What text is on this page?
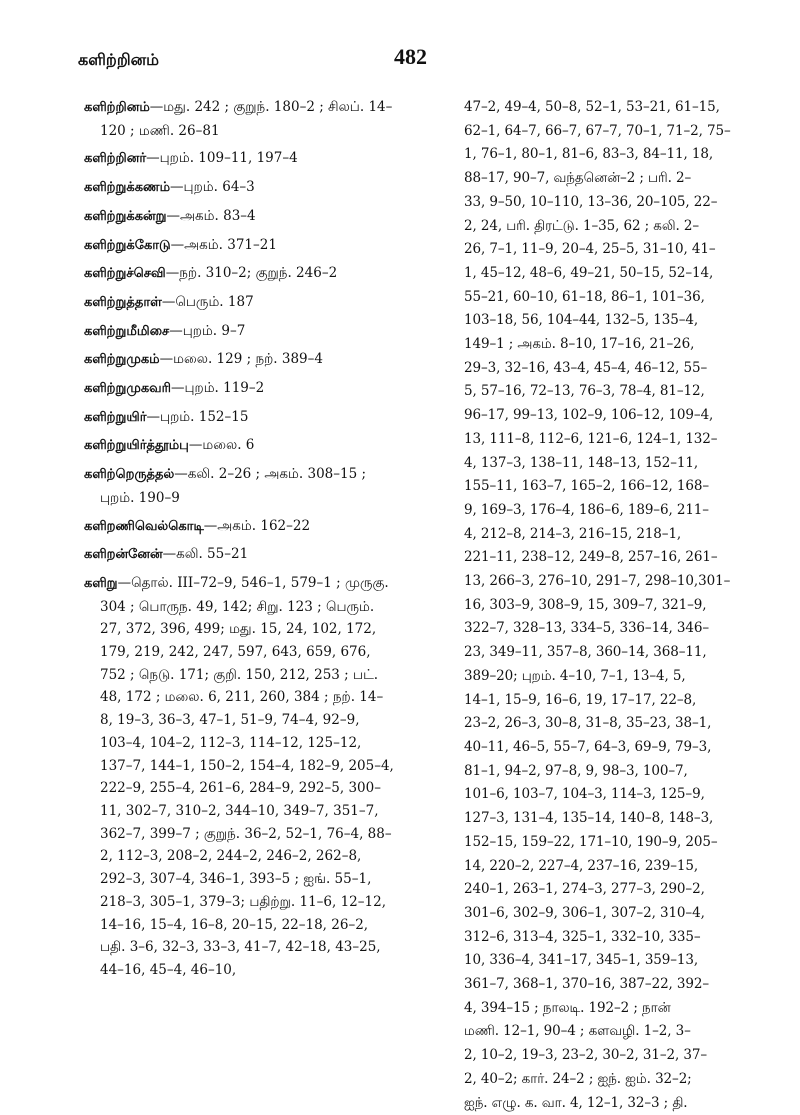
களிற்றினம்	482

களிற்றினம்—மது. 242 ; குறுந். 180–2 ; சிலப். 14–120 ; மணி. 26–81

களிற்றினர்—புறம். 109–11, 197–4

களிற்றுக்கணம்—புறம். 64–3

களிற்றுக்கன்று—அகம். 83–4

களிற்றுக்கோடு—அகம். 371–21

களிற்றுச்செவி—நற். 310–2; குறுந். 246–2

களிற்றுத்தாள்—பெரும். 187

களிற்றுமீமிசை—புறம். 9–7

களிற்றுமுகம்—மலை. 129 ; நற். 389–4

களிற்றுமுகவரி—புறம். 119–2

களிற்றுயிர்—புறம். 152–15

களிற்றுயிர்த்தூம்பு—மலை. 6

களிற்றெருத்தல்—கலி. 2–26 ; அகம். 308–15 ; புறம். 190–9

களிறணிவெல்கொடி—அகம். 162–22

களிறன்னேன்—கலி. 55–21

களிறு—தொல். III–72–9, 546–1, 579–1 ; முருகு. 304 ; பொருந. 49, 142; சிறு. 123 ; பெரும். 27, 372, 396, 499; மது. 15, 24, 102, 172, 179, 219, 242, 247, 597, 643, 659, 676, 752 ; நெடு. 171; குறி. 150, 212, 253 ; பட். 48, 172 ; மலை. 6, 211, 260, 384 ; நற். 14–8, 19–3, 36–3, 47–1, 51–9, 74–4, 92–9, 103–4, 104–2, 112–3, 114–12, 125–12, 137–7, 144–1, 150–2, 154–4, 182–9, 205–4, 222–9, 255–4, 261–6, 284–9, 292–5, 300–11, 302–7, 310–2, 344–10, 349–7, 351–7, 362–7, 399–7 ; குறுந். 36–2, 52–1, 76–4, 88–2, 112–3, 208–2, 244–2, 246–2, 262–8, 292–3, 307–4, 346–1, 393–5 ; ஐங். 55–1, 218–3, 305–1, 379–3; பதிற்று. 11–6, 12–12, 14–16, 15–4, 16–8, 20–15, 22–18, 26–2, பதி. 3–6, 32–3, 33–3, 41–7, 42–18, 43–25, 44–16, 45–4, 46–10,

47–2, 49–4, 50–8, 52–1, 53–21, 61–15,
62–1, 64–7, 66–7, 67–7, 70–1, 71–2, 75–
1, 76–1, 80–1, 81–6, 83–3, 84–11, 18,
88–17, 90–7, வந்தனென்–2 ; பரி. 2–
33, 9–50, 10–110, 13–36, 20–105, 22–
2, 24, பரி. திரட்டு. 1–35, 62 ; கலி. 2–
26, 7–1, 11–9, 20–4, 25–5, 31–10, 41–
1, 45–12, 48–6, 49–21, 50–15, 52–14,
55–21, 60–10, 61–18, 86–1, 101–36,
103–18, 56, 104–44, 132–5, 135–4,
149–1 ; அகம். 8–10, 17–16, 21–26,
29–3, 32–16, 43–4, 45–4, 46–12, 55–
5, 57–16, 72–13, 76–3, 78–4, 81–12,
96–17, 99–13, 102–9, 106–12, 109–4,
13, 111–8, 112–6, 121–6, 124–1, 132–
4, 137–3, 138–11, 148–13, 152–11,
155–11, 163–7, 165–2, 166–12, 168–
9, 169–3, 176–4, 186–6, 189–6, 211–
4, 212–8, 214–3, 216–15, 218–1,
221–11, 238–12, 249–8, 257–16, 261–
13, 266–3, 276–10, 291–7, 298–10,301–
16, 303–9, 308–9, 15, 309–7, 321–9,
322–7, 328–13, 334–5, 336–14, 346–
23, 349–11, 357–8, 360–14, 368–11,
389–20; புறம். 4–10, 7–1, 13–4, 5,
14–1, 15–9, 16–6, 19, 17–17, 22–8,
23–2, 26–3, 30–8, 31–8, 35–23, 38–1,
40–11, 46–5, 55–7, 64–3, 69–9, 79–3,
81–1, 94–2, 97–8, 9, 98–3, 100–7,
101–6, 103–7, 104–3, 114–3, 125–9,
127–3, 131–4, 135–14, 140–8, 148–3,
152–15, 159–22, 171–10, 190–9, 205–
14, 220–2, 227–4, 237–16, 239–15,
240–1, 263–1, 274–3, 277–3, 290–2,
301–6, 302–9, 306–1, 307–2, 310–4,
312–6, 313–4, 325–1, 332–10, 335–
10, 336–4, 341–17, 345–1, 359–13,
361–7, 368–1, 370–16, 387–22, 392–
4, 394–15 ; நாலடி. 192–2 ; நான்
மணி. 12–1, 90–4 ; களவழி. 1–2, 3–
2, 10–2, 19–3, 23–2, 30–2, 31–2, 37–
2, 40–2; கார். 24–2 ; ஐந். ஐம். 32–2;
ஐந். எழு. க. வா. 4, 12–1, 32–3 ; தி.
